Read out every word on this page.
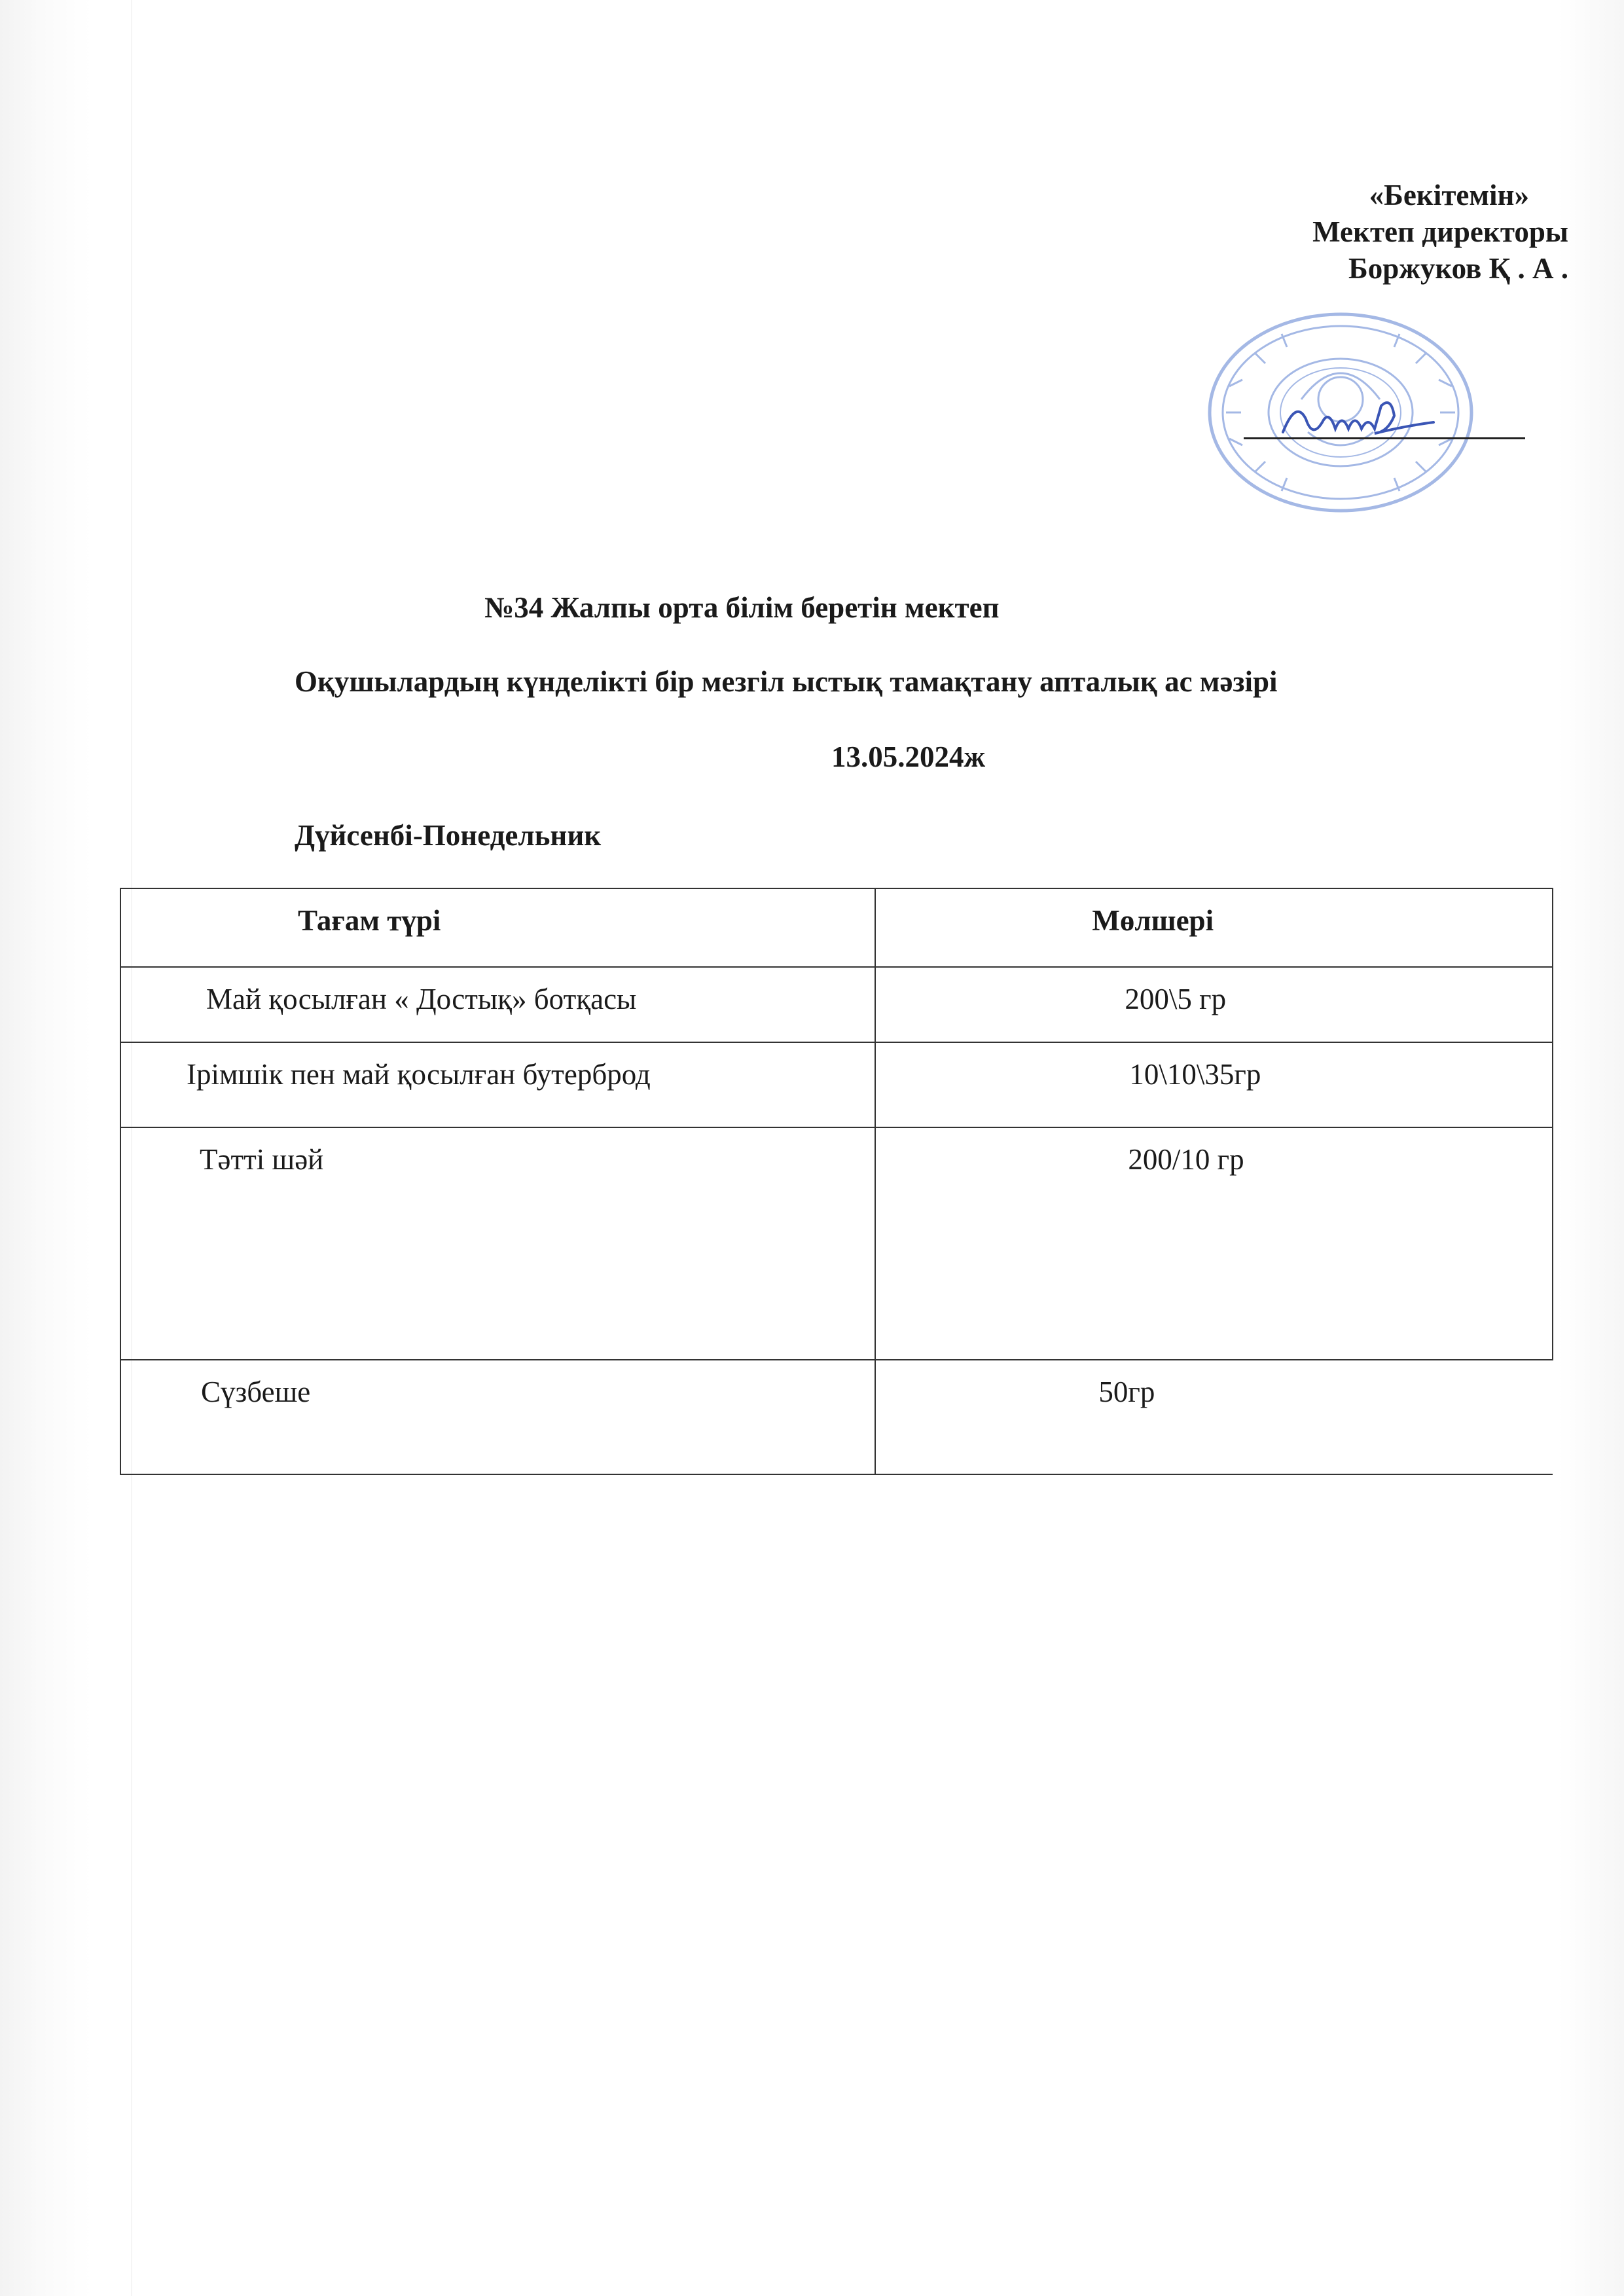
«Бекітемін»
Мектеп директоры
Боржуков Қ . А .
№34 Жалпы орта білім беретін мектеп
Оқушылардың күнделікті бір мезгіл ыстық тамақтану апталық ас мәзірі
13.05.2024ж
Дүйсенбі-Понедельник
Тағам түрі	Мөлшері

Май қосылған « Достық» ботқасы	200\5 гр

Ірімшік пен май қосылған бутерброд	10\10\35гр

Тәтті шәй	200/10 гр

Сүзбеше	50гр
